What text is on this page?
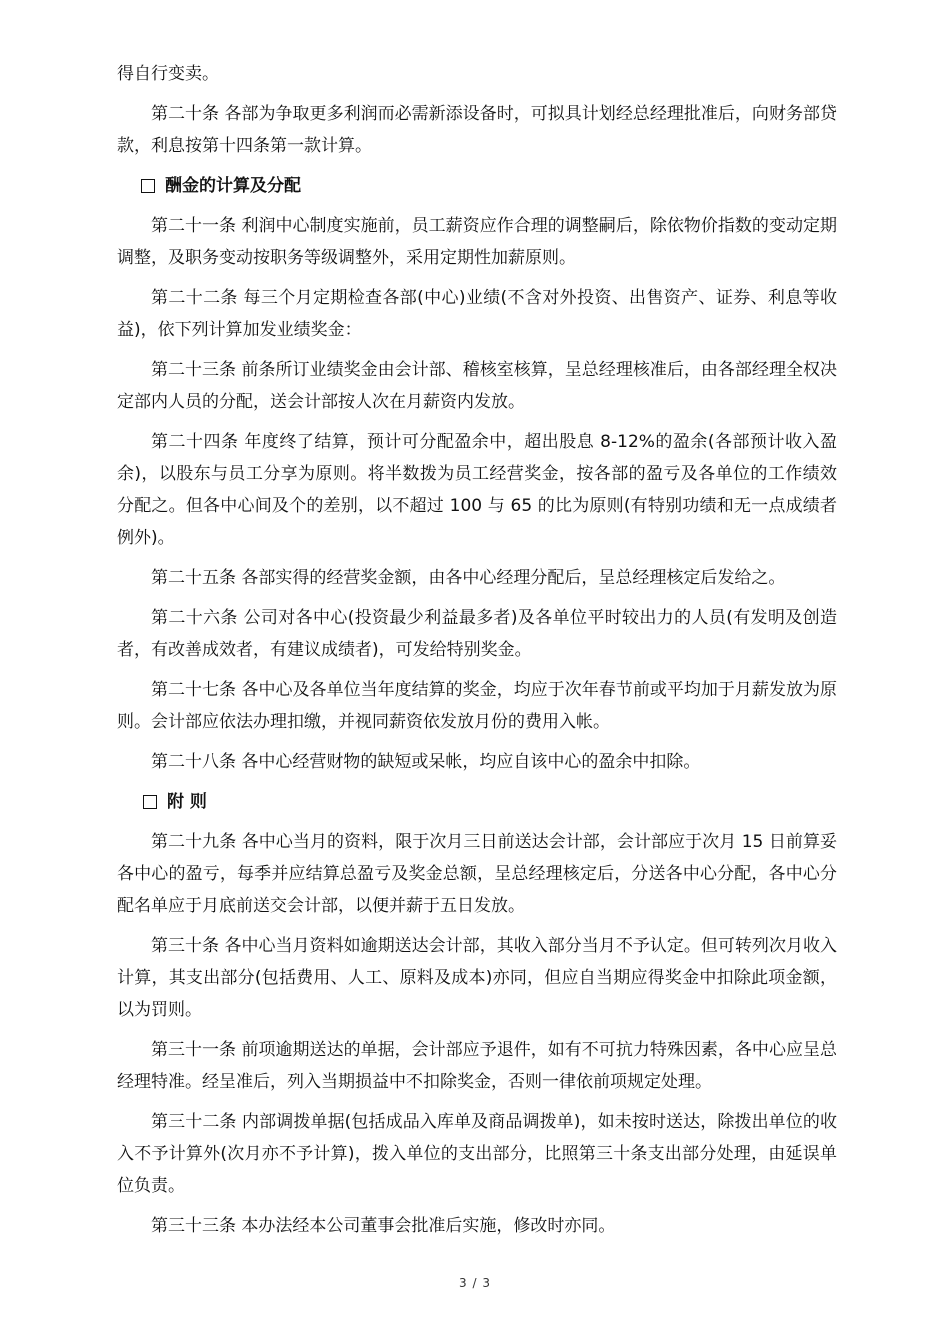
得自行变卖。

第二十条 各部为争取更多利润而必需新添设备时，可拟具计划经总经理批准后，向财务部贷款，利息按第十四条第一款计算。

酬金的计算及分配

第二十一条 利润中心制度实施前，员工薪资应作合理的调整嗣后，除依物价指数的变动定期调整，及职务变动按职务等级调整外，采用定期性加薪原则。

第二十二条 每三个月定期检查各部(中心)业绩(不含对外投资、出售资产、证券、利息等收益)，依下列计算加发业绩奖金：

第二十三条 前条所订业绩奖金由会计部、稽核室核算，呈总经理核准后，由各部经理全权决定部内人员的分配，送会计部按人次在月薪资内发放。

第二十四条 年度终了结算，预计可分配盈余中，超出股息 8-12%的盈余(各部预计收入盈余)，以股东与员工分享为原则。将半数拨为员工经营奖金，按各部的盈亏及各单位的工作绩效分配之。但各中心间及个的差别，以不超过 100 与 65 的比为原则(有特别功绩和无一点成绩者例外)。

第二十五条 各部实得的经营奖金额，由各中心经理分配后，呈总经理核定后发给之。

第二十六条 公司对各中心(投资最少利益最多者)及各单位平时较出力的人员(有发明及创造者，有改善成效者，有建议成绩者)，可发给特别奖金。

第二十七条 各中心及各单位当年度结算的奖金，均应于次年春节前或平均加于月薪发放为原则。会计部应依法办理扣缴，并视同薪资依发放月份的费用入帐。

第二十八条 各中心经营财物的缺短或呆帐，均应自该中心的盈余中扣除。

附 则

第二十九条 各中心当月的资料，限于次月三日前送达会计部，会计部应于次月 15 日前算妥各中心的盈亏，每季并应结算总盈亏及奖金总额，呈总经理核定后，分送各中心分配，各中心分配名单应于月底前送交会计部，以便并薪于五日发放。

第三十条 各中心当月资料如逾期送达会计部，其收入部分当月不予认定。但可转列次月收入计算，其支出部分(包括费用、人工、原料及成本)亦同，但应自当期应得奖金中扣除此项金额，以为罚则。

第三十一条 前项逾期送达的单据，会计部应予退件，如有不可抗力特殊因素，各中心应呈总经理特准。经呈准后，列入当期损益中不扣除奖金，否则一律依前项规定处理。

第三十二条 内部调拨单据(包括成品入库单及商品调拨单)，如未按时送达，除拨出单位的收入不予计算外(次月亦不予计算)，拨入单位的支出部分，比照第三十条支出部分处理，由延误单位负责。

第三十三条 本办法经本公司董事会批准后实施，修改时亦同。

3 / 3
